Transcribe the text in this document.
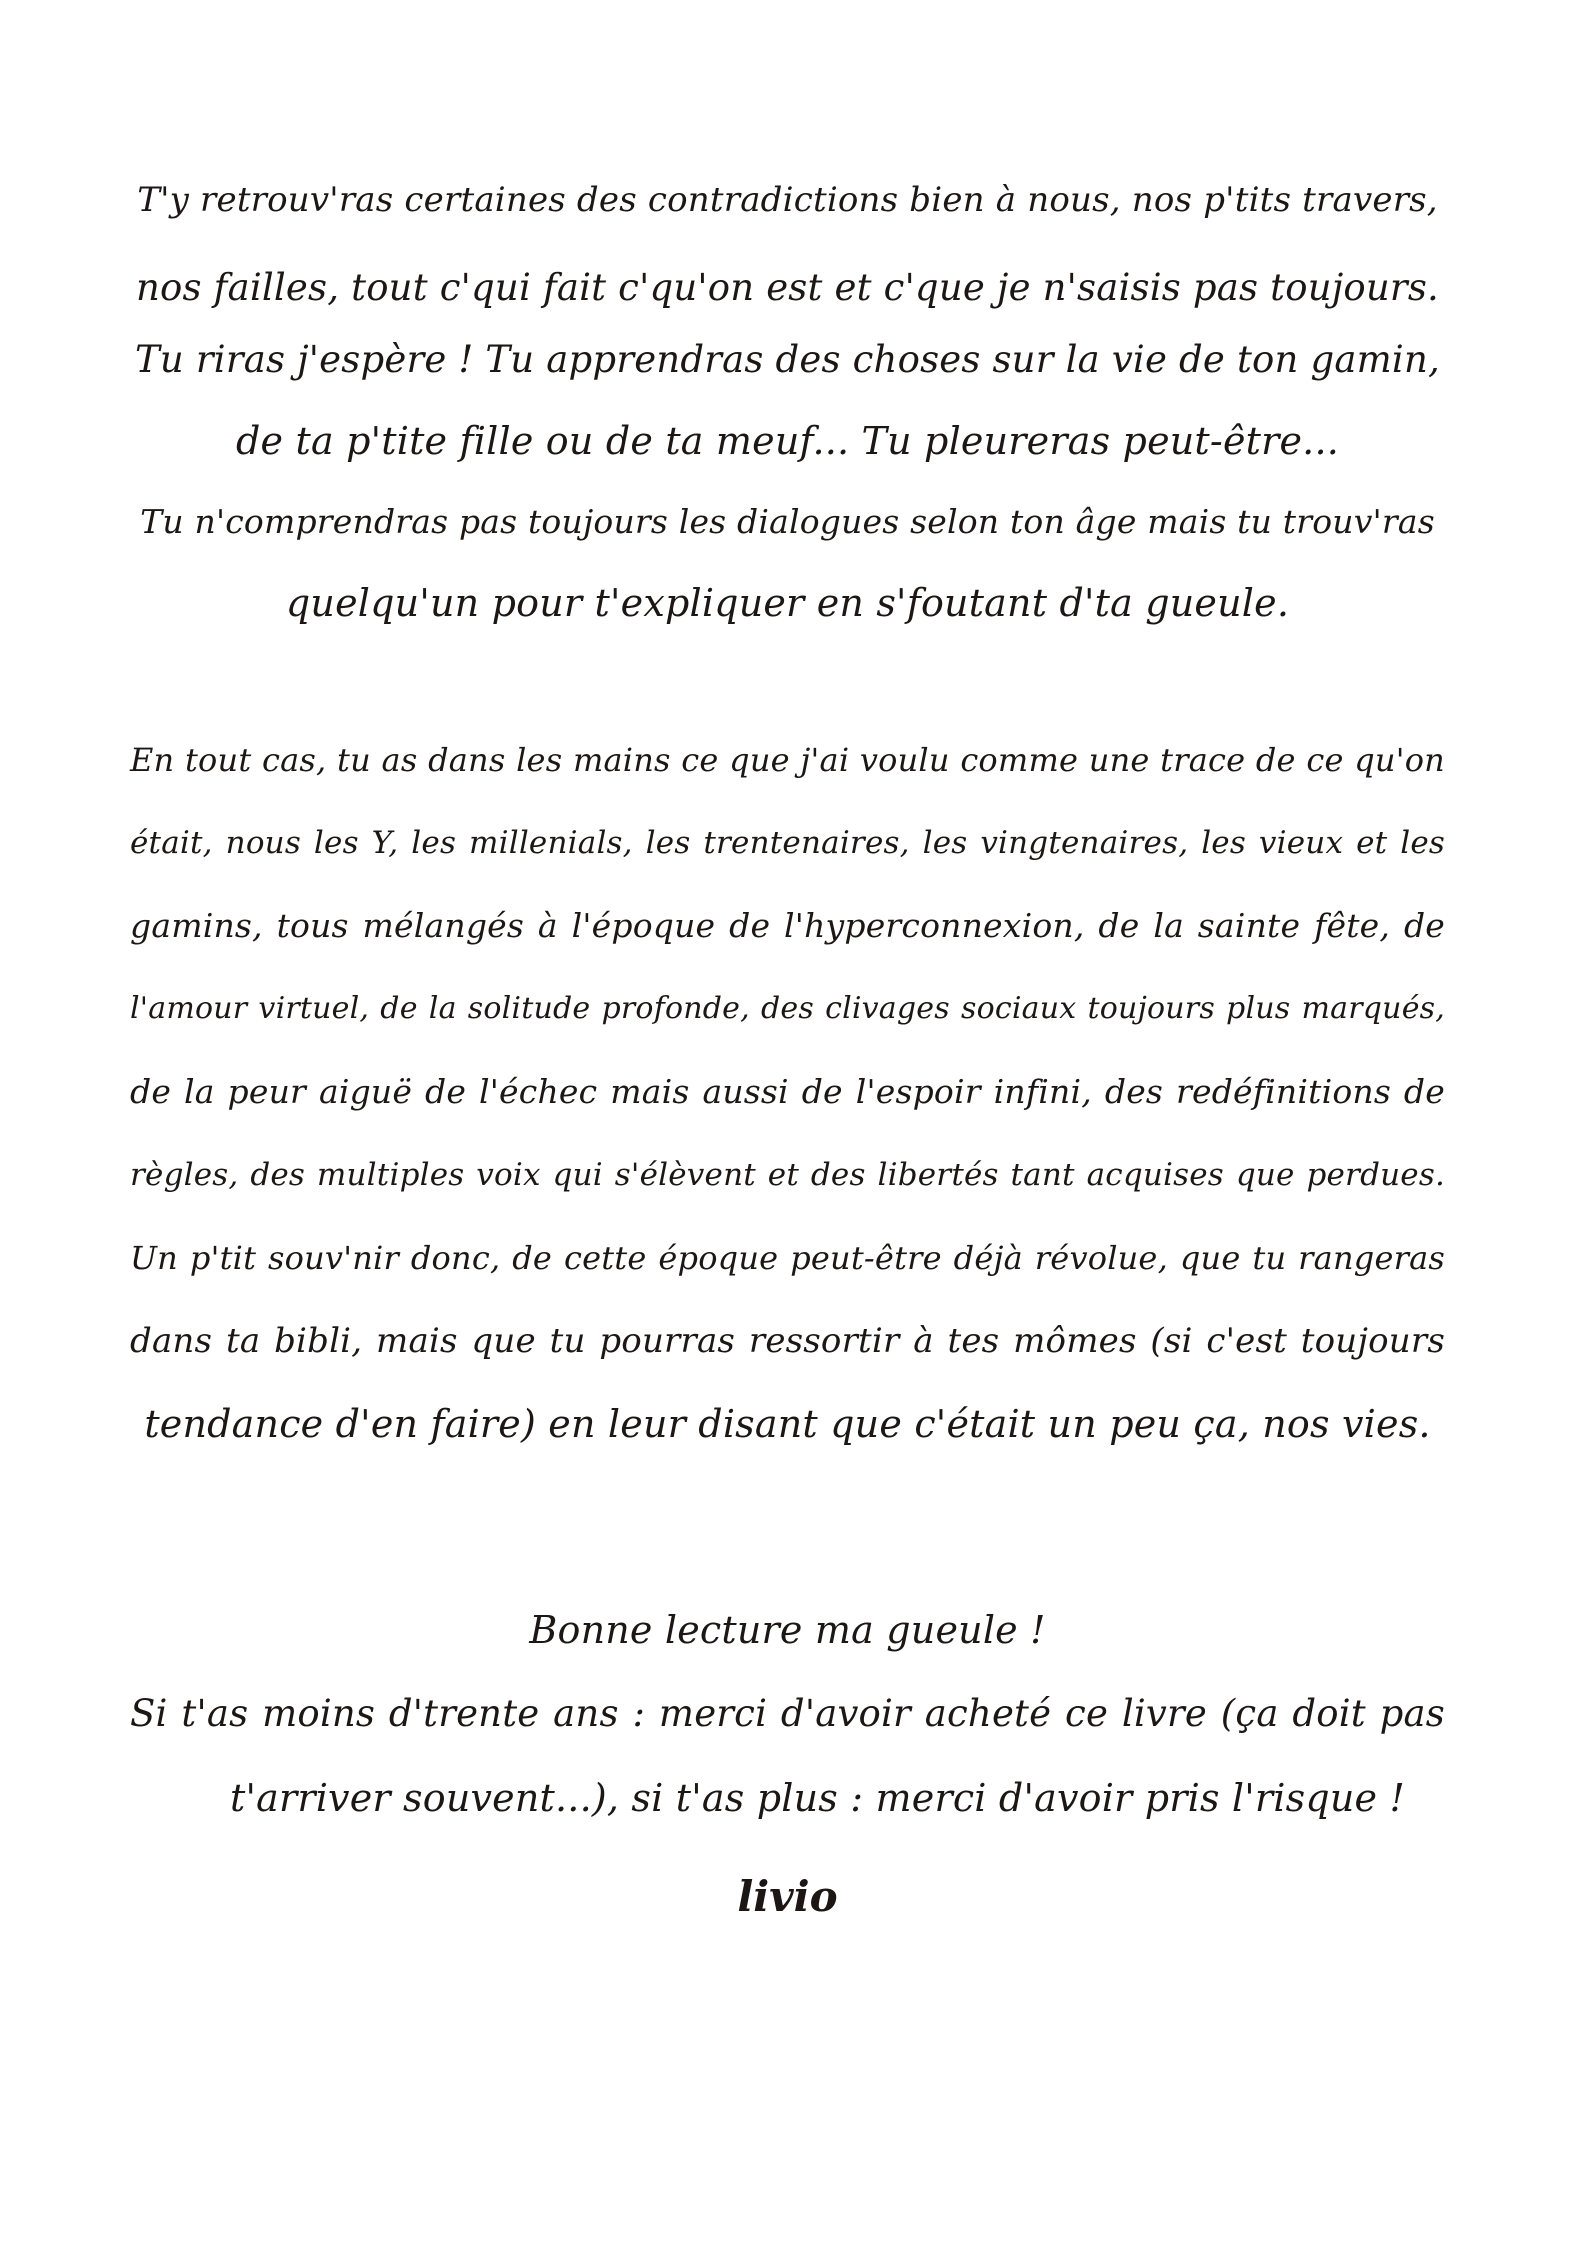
T'y retrouv'ras certaines des contradictions bien à nous, nos p'tits travers,
nos failles, tout c'qui fait c'qu'on est et c'que je n'saisis pas toujours.
Tu riras j'espère ! Tu apprendras des choses sur la vie de ton gamin,
de ta p'tite fille ou de ta meuf... Tu pleureras peut-être...
Tu n'comprendras pas toujours les dialogues selon ton âge mais tu trouv'ras
quelqu'un pour t'expliquer en s'foutant d'ta gueule.
En tout cas, tu as dans les mains ce que j'ai voulu comme une trace de ce qu'on
était, nous les Y, les millenials, les trentenaires, les vingtenaires, les vieux et les
gamins, tous mélangés à l'époque de l'hyperconnexion, de la sainte fête, de
l'amour virtuel, de la solitude profonde, des clivages sociaux toujours plus marqués,
de la peur aiguë de l'échec mais aussi de l'espoir infini, des redéfinitions de
règles, des multiples voix qui s'élèvent et des libertés tant acquises que perdues.
Un p'tit souv'nir donc, de cette époque peut-être déjà révolue, que tu rangeras
dans ta bibli, mais que tu pourras ressortir à tes mômes (si c'est toujours
tendance d'en faire) en leur disant que c'était un peu ça, nos vies.
Bonne lecture ma gueule !
Si t'as moins d'trente ans : merci d'avoir acheté ce livre (ça doit pas
t'arriver souvent...), si t'as plus : merci d'avoir pris l'risque !
livio
